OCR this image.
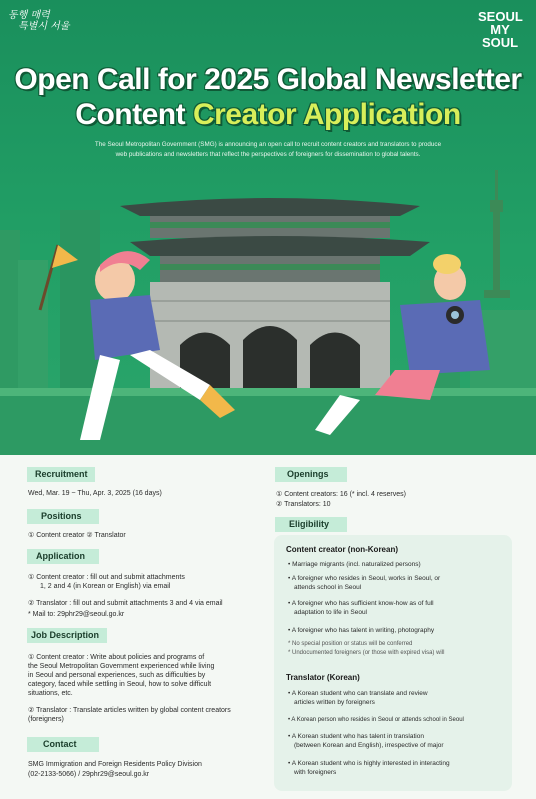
동행 매력
특별시 서울
SEOUL
MY SOUL
Open Call for 2025 Global Newsletter
Content Creator Application
The Seoul Metropolitan Government (SMG) is announcing an open call to recruit content creators and translators to produce web publications and newsletters that reflect the perspectives of foreigners for dissemination to global talents.
Recruitment
Wed, Mar. 19 ~ Thu, Apr. 3, 2025 (16 days)
Positions
① Content creator ② Translator
Application
① Content creator : fill out and submit attachments
1, 2 and 4 (in Korean or English) via email
② Translator : fill out and submit attachments 3 and 4 via email
* Mail to: 29phr29@seoul.go.kr
Job Description
① Content creator : Write about policies and programs of
the Seoul Metropolitan Government experienced while living
in Seoul and personal experiences, such as difficulties by
category, faced while settling in Seoul, how to solve difficult
situations, etc.
② Translator : Translate articles written by global content creators
(foreigners)
Contact
SMG Immigration and Foreign Residents Policy Division
(02-2133-5066) / 29phr29@seoul.go.kr
Openings
① Content creators: 16 (* incl. 4 reserves)
② Translators: 10
Eligibility
Content creator (non-Korean)
• Marriage migrants (incl. naturalized persons)
• A foreigner who resides in Seoul, works in Seoul, or
attends school in Seoul
• A foreigner who has sufficient know-how as of full
adaptation to life in Seoul
• A foreigner who has talent in writing, photography
* No special position or status will be conferred
* Undocumented foreigners (or those with expired visa) will
Translator (Korean)
• A Korean student who can translate and review
articles written by foreigners
• A Korean person who resides in Seoul or attends school in Seoul
• A Korean student who has talent in translation
(between Korean and English), irrespective of major
• A Korean student who is highly interested in interacting
with foreigners
